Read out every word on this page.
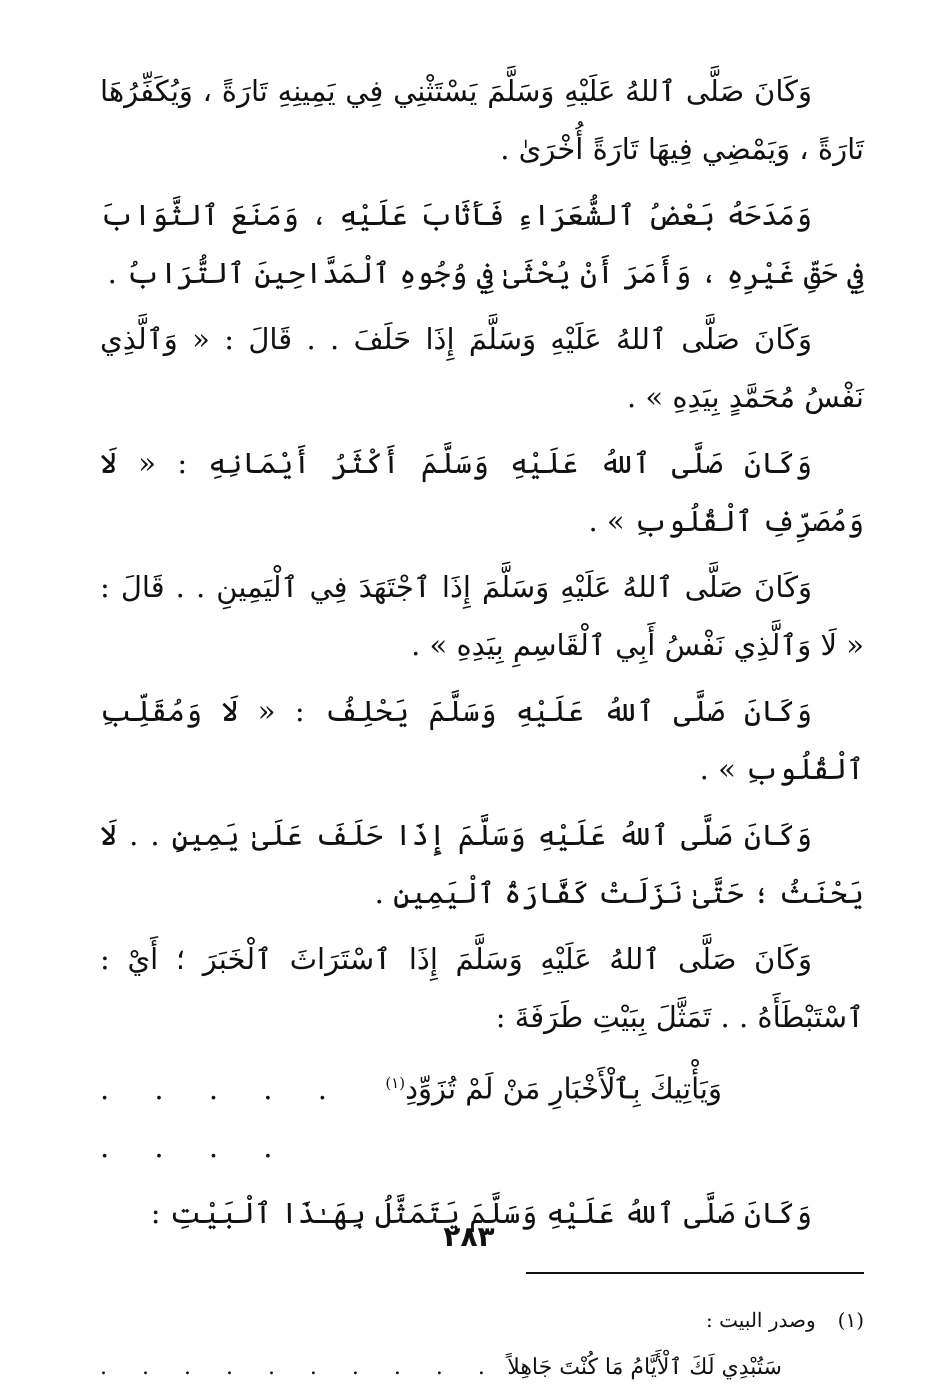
وَكَانَ صَلَّى ٱللهُ عَلَيْهِ وَسَلَّمَ يَسْتَثْنِي فِي يَمِينِهِ تَارَةً ، وَيُكَفِّرُهَا تَارَةً ، وَيَمْضِي فِيهَا تَارَةً أُخْرَىٰ .

وَمَدَحَهُ بَعْضُ ٱلشُّعَرَاءِ فَأَثَابَ عَلَيْهِ ، وَمَنَعَ ٱلثَّوَابَ فِي حَقِّ غَيْرِهِ ، وَأَمَرَ أَنْ يُحْثَىٰ فِي وُجُوهِ ٱلْمَدَّاحِينَ ٱلتُّرَابُ .

وَكَانَ صَلَّى ٱللهُ عَلَيْهِ وَسَلَّمَ إِذَا حَلَفَ . . قَالَ : « وَٱلَّذِي نَفْسُ مُحَمَّدٍ بِيَدِهِ » .

وَكَانَ صَلَّى ٱللهُ عَلَيْهِ وَسَلَّمَ أَكْثَرُ أَيْمَانِهِ : « لَا وَمُصَرِّفِ ٱلْقُلُوبِ » .

وَكَانَ صَلَّى ٱللهُ عَلَيْهِ وَسَلَّمَ إِذَا ٱجْتَهَدَ فِي ٱلْيَمِينِ . . قَالَ : « لَا وَٱلَّذِي نَفْسُ أَبِي ٱلْقَاسِمِ بِيَدِهِ » .

وَكَانَ صَلَّى ٱللهُ عَلَيْهِ وَسَلَّمَ يَحْلِفُ : « لَا وَمُقَلِّبِ ٱلْقُلُوبِ » .

وَكَانَ صَلَّى ٱللهُ عَلَيْهِ وَسَلَّمَ إِذَا حَلَفَ عَلَىٰ يَمِينٍ . . لَا يَحْنَثُ ؛ حَتَّىٰ نَزَلَتْ كَفَّارَةُ ٱلْيَمِينِ .

وَكَانَ صَلَّى ٱللهُ عَلَيْهِ وَسَلَّمَ إِذَا ٱسْتَرَاثَ ٱلْخَبَرَ ؛ أَيْ : ٱسْتَبْطَأَهُ . . تَمَثَّلَ بِبَيْتِ طَرَفَةَ :

وَيَأْتِيكَ بِٱلْأَخْبَارِ مَنْ لَمْ تُزَوِّدِ$^{(١)}$
. . . . . . . . .

وَكَانَ صَلَّى ٱللهُ عَلَيْهِ وَسَلَّمَ يَتَمَثَّلُ بِهَـٰذَا ٱلْبَيْتِ :

(١)
وصدر البيت :
سَتُبْدِي لَكَ ٱلْأَيَّامُ مَا كُنْتَ جَاهِلاً
. . . . . . . . . .
٢٨٣
